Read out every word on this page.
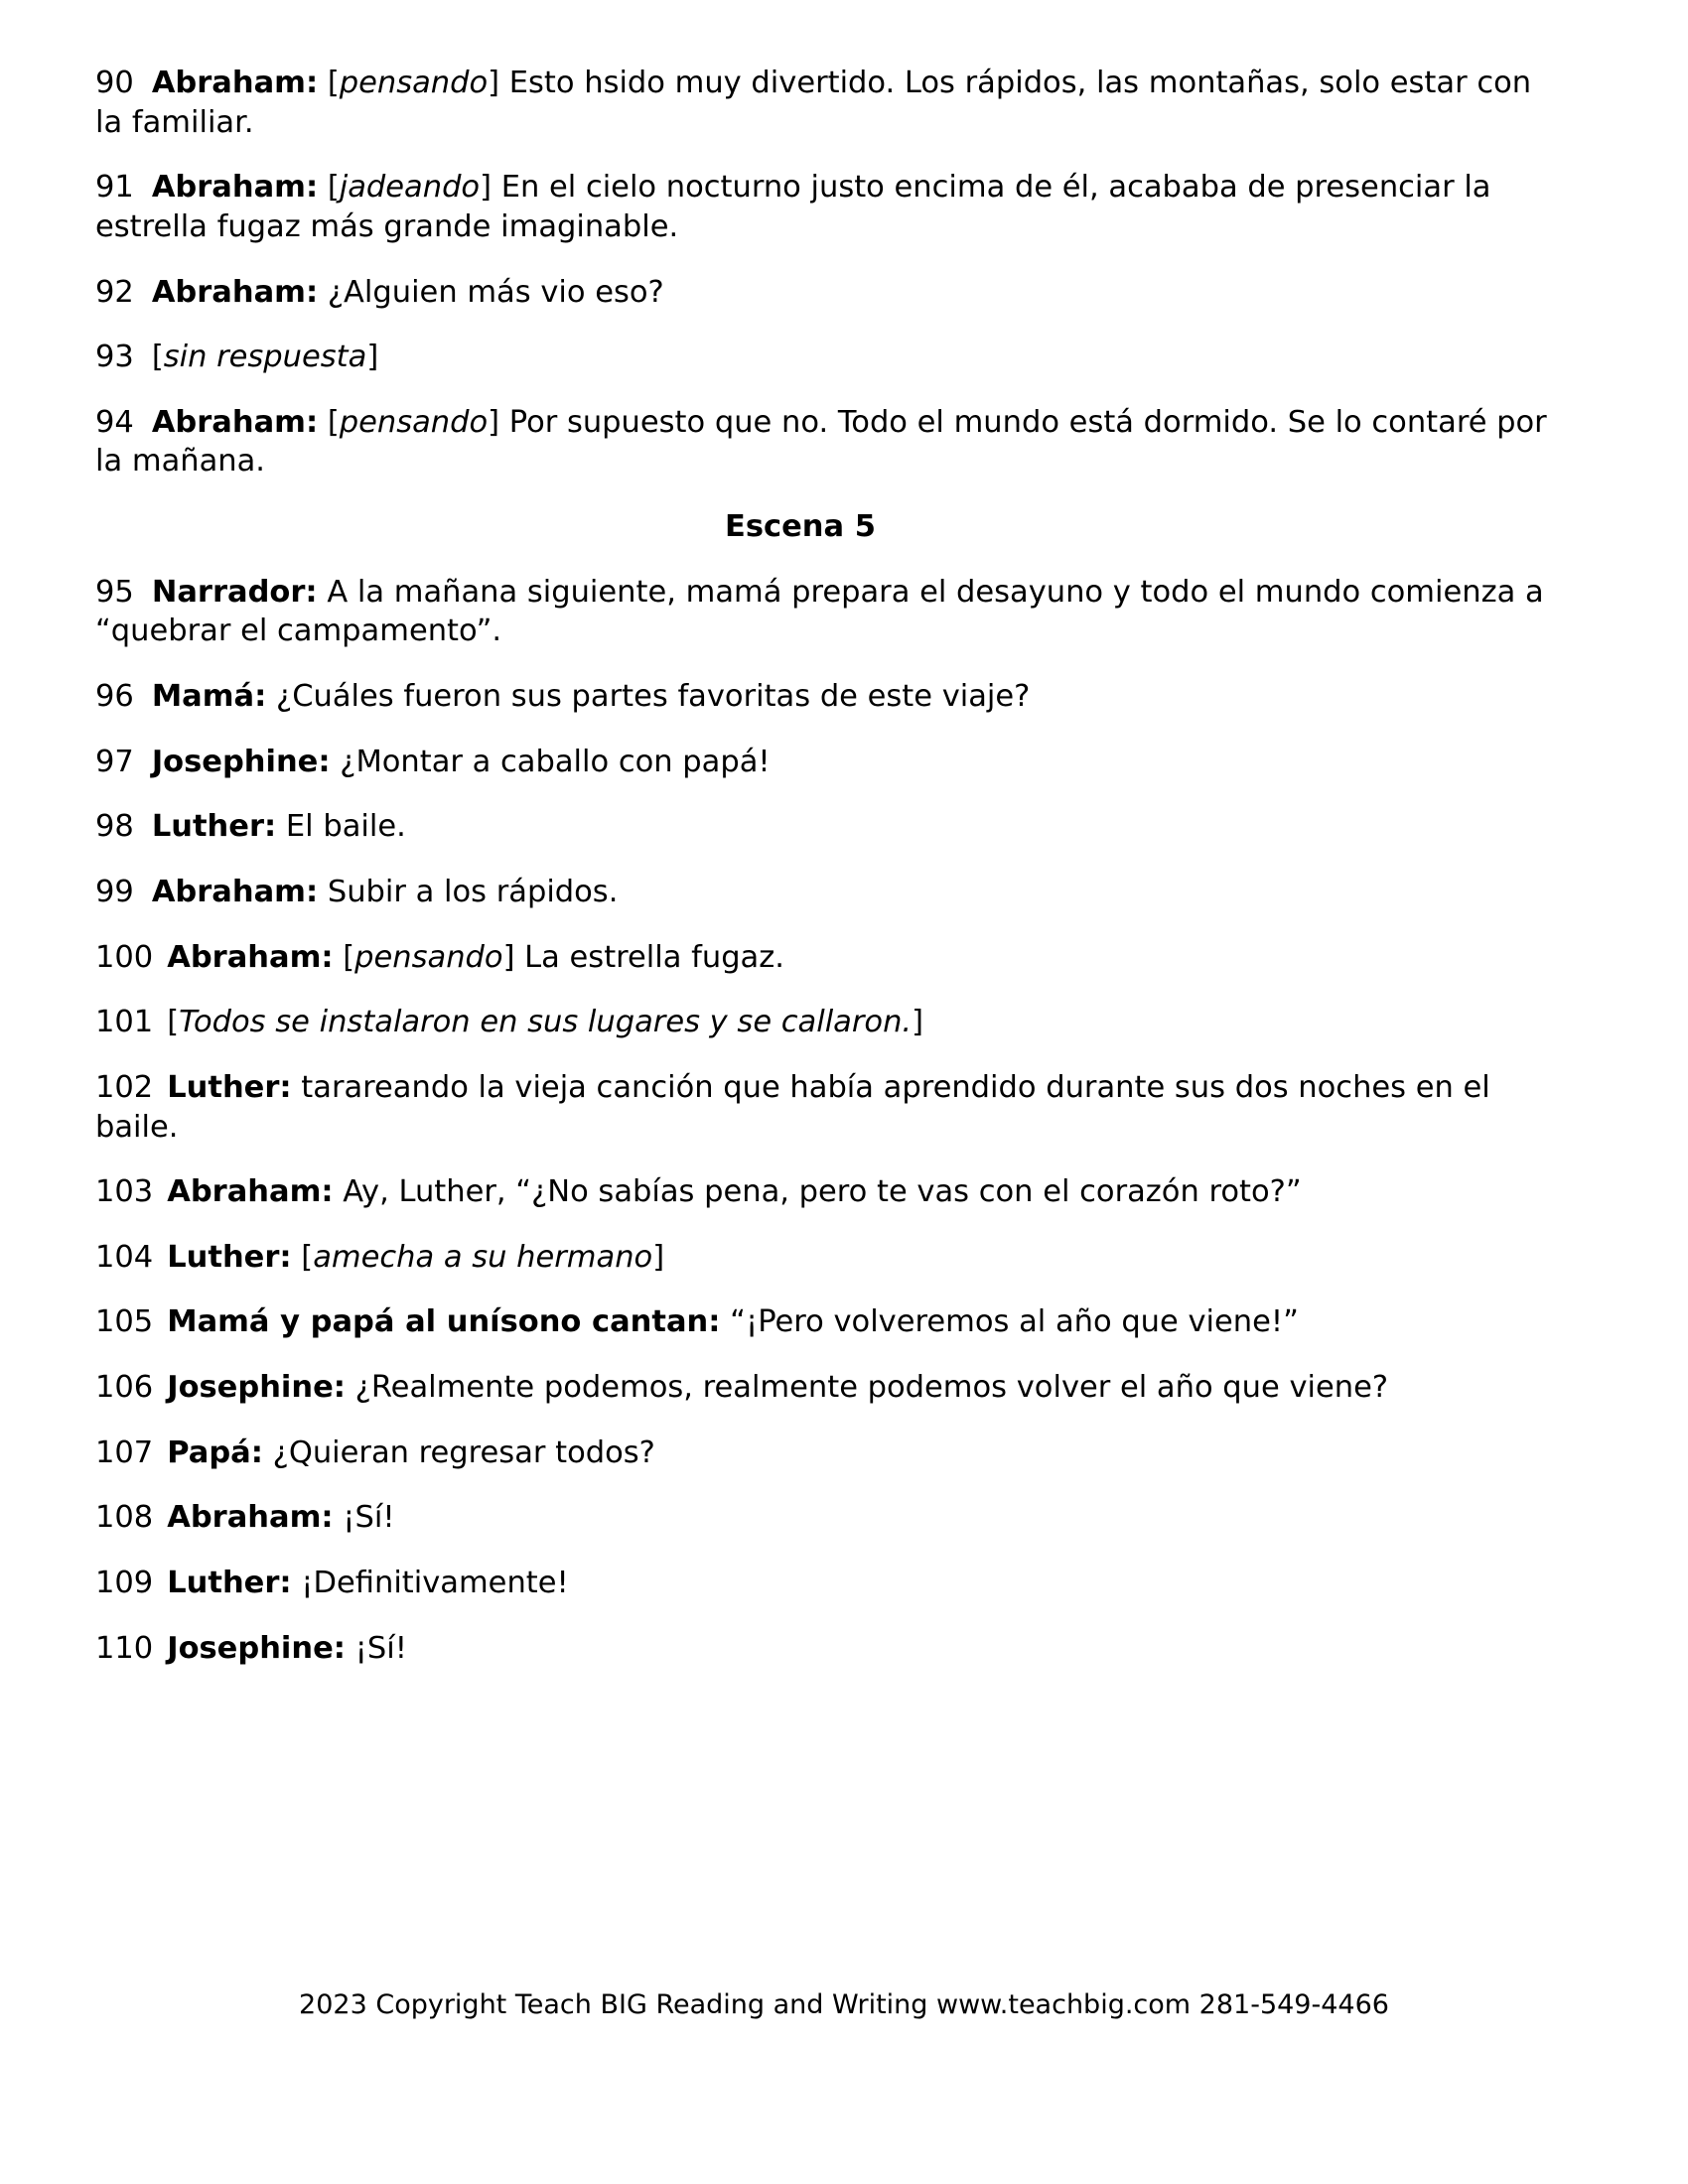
90 Abraham: [pensando] Esto hsido muy divertido. Los rápidos, las montañas, solo estar con la familiar.

91 Abraham: [jadeando] En el cielo nocturno justo encima de él, acababa de presenciar la estrella fugaz más grande imaginable.

92 Abraham: ¿Alguien más vio eso?

93 [sin respuesta]

94 Abraham: [pensando] Por supuesto que no. Todo el mundo está dormido. Se lo contaré por la mañana.

Escena 5

95 Narrador: A la mañana siguiente, mamá prepara el desayuno y todo el mundo comienza a “quebrar el campamento”.

96 Mamá: ¿Cuáles fueron sus partes favoritas de este viaje?

97 Josephine: ¿Montar a caballo con papá!

98 Luther: El baile.

99 Abraham: Subir a los rápidos.

100 Abraham: [pensando] La estrella fugaz.

101 [Todos se instalaron en sus lugares y se callaron.]

102 Luther: tarareando la vieja canción que había aprendido durante sus dos noches en el baile.

103 Abraham: Ay, Luther, “¿No sabías pena, pero te vas con el corazón roto?”

104 Luther: [amecha a su hermano]

105 Mamá y papá al unísono cantan: “¡Pero volveremos al año que viene!”

106 Josephine: ¿Realmente podemos, realmente podemos volver el año que viene?

107 Papá: ¿Quieran regresar todos?

108 Abraham: ¡Sí!

109 Luther: ¡Definitivamente!

110 Josephine: ¡Sí!

2023 Copyright Teach BIG Reading and Writing www.teachbig.com 281-549-4466
